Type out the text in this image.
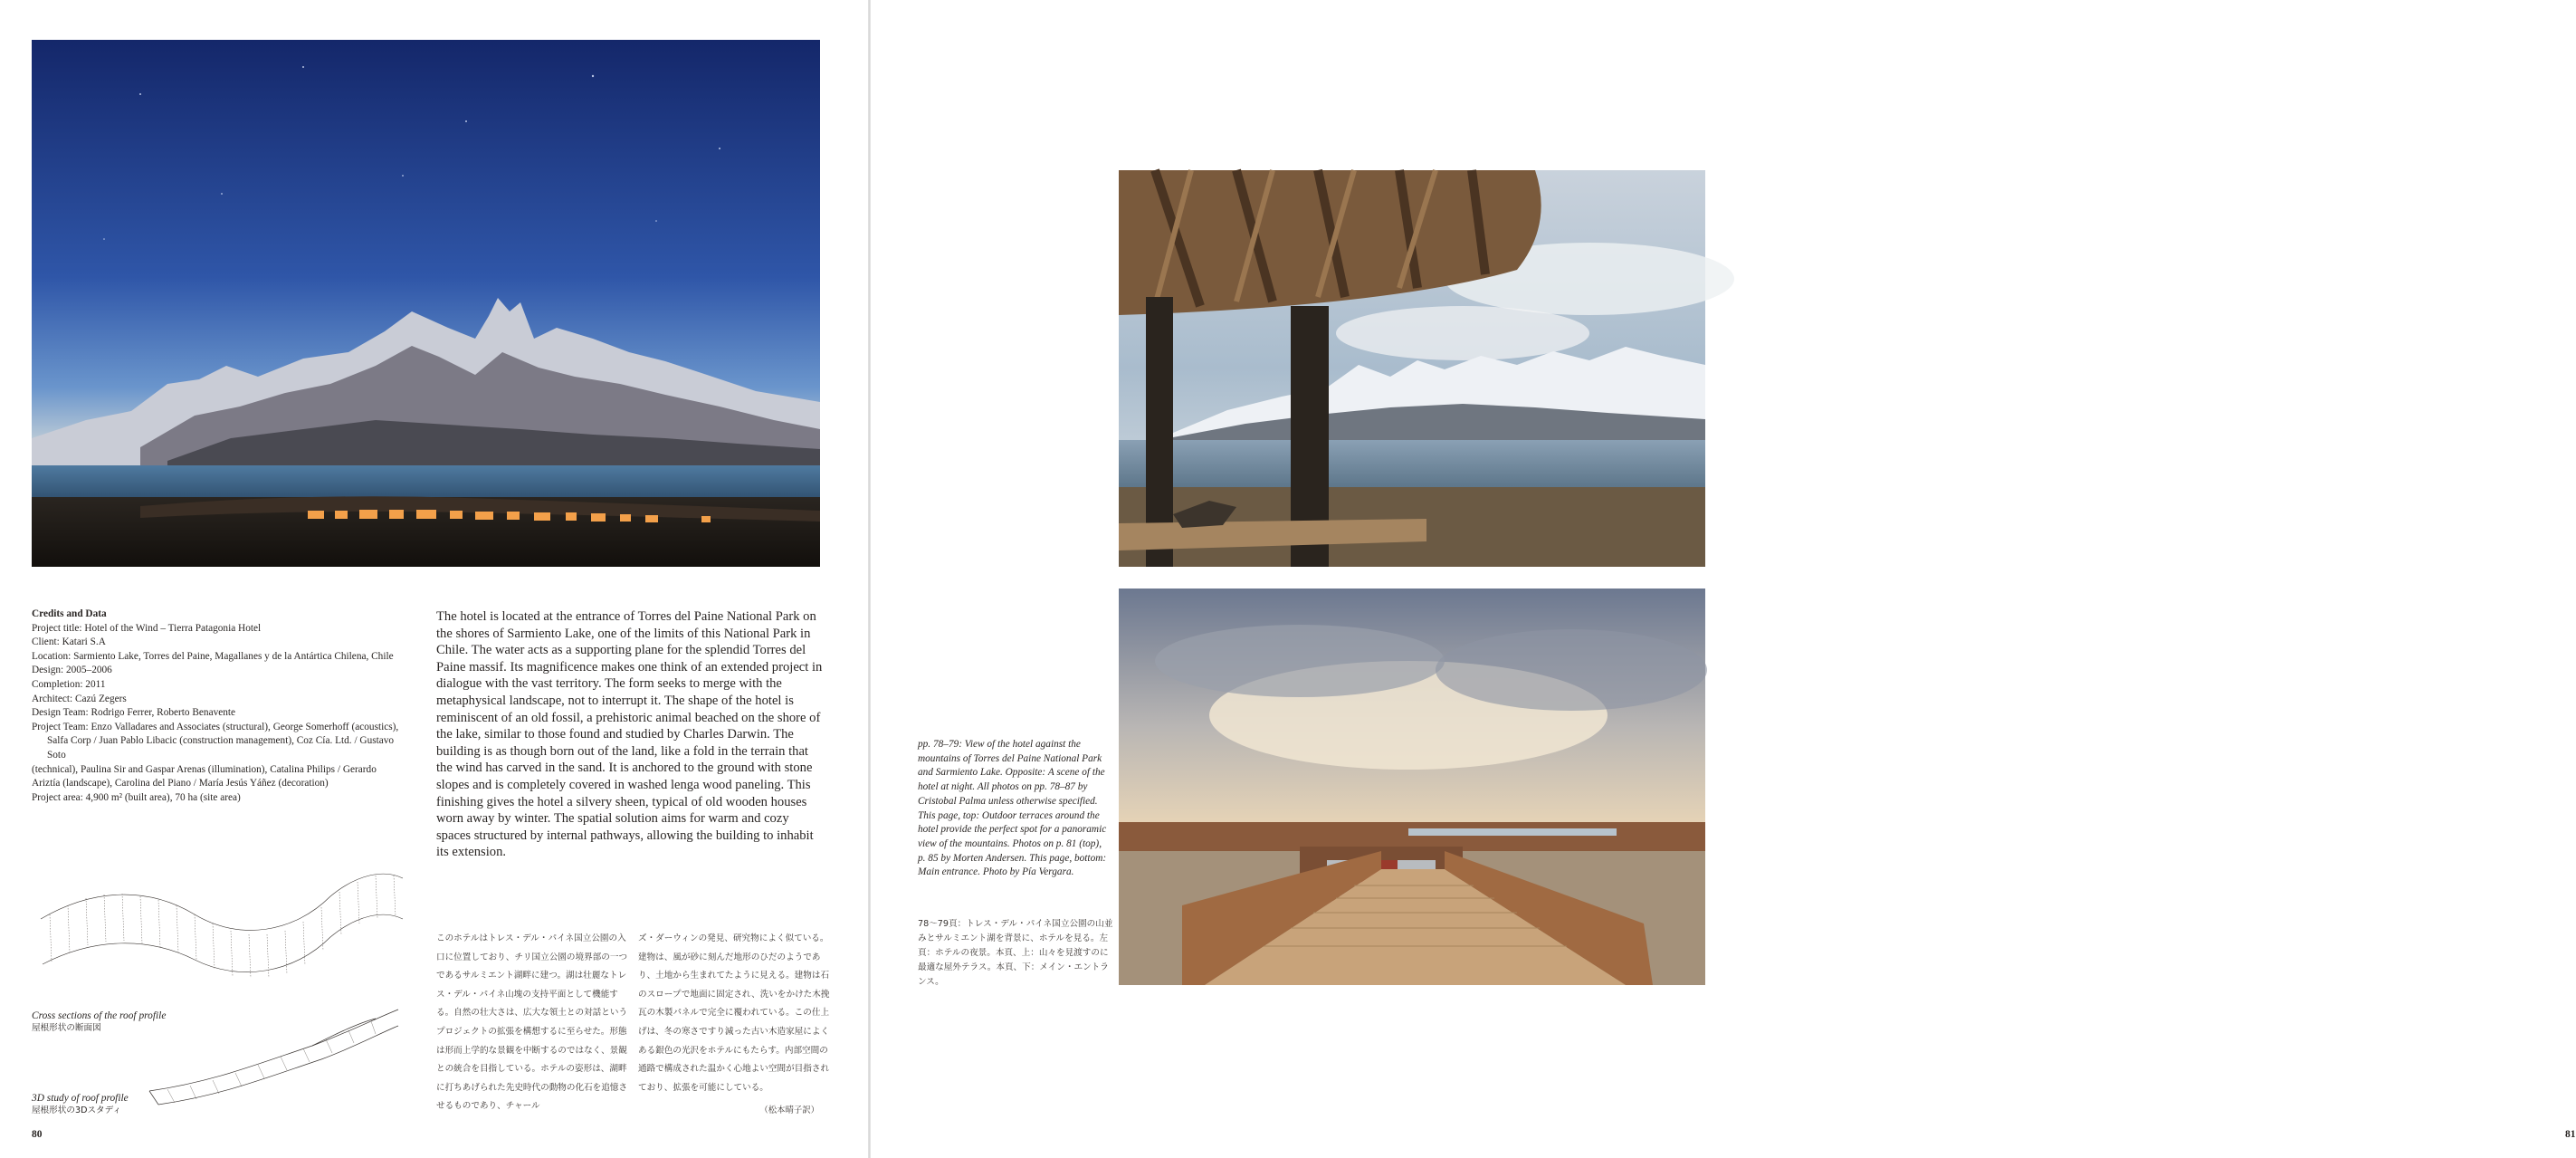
Credits and Data
Project title: Hotel of the Wind – Tierra Patagonia Hotel
Client: Katari S.A
Location: Sarmiento Lake, Torres del Paine, Magallanes y de la Antártica Chilena, Chile
Design: 2005–2006
Completion: 2011
Architect: Cazú Zegers
Design Team: Rodrigo Ferrer, Roberto Benavente
Project Team: Enzo Valladares and Associates (structural), George Somerhoff (acoustics), Salfa Corp / Juan Pablo Libacic (construction management), Coz Cía. Ltd. / Gustavo Soto
(technical), Paulina Sir and Gaspar Arenas (illumination), Catalina Philips / Gerardo Ariztía (landscape), Carolina del Piano / María Jesús Yáñez (decoration)
Project area: 4,900 m² (built area), 70 ha (site area)
The hotel is located at the entrance of Torres del Paine National Park on the shores of Sarmiento Lake, one of the limits of this National Park in Chile. The water acts as a supporting plane for the splendid Torres del Paine massif. Its magnificence makes one think of an extended project in dialogue with the vast territory. The form seeks to merge with the metaphysical landscape, not to interrupt it. The shape of the hotel is reminiscent of an old fossil, a prehistoric animal beached on the shore of the lake, similar to those found and studied by Charles Darwin. The building is as though born out of the land, like a fold in the terrain that the wind has carved in the sand. It is anchored to the ground with stone slopes and is completely covered in washed lenga wood paneling. This finishing gives the hotel a silvery sheen, typical of old wooden houses worn away by winter. The spatial solution aims for warm and cozy spaces structured by internal pathways, allowing the building to inhabit its extension.
Cross sections of the roof profile
屋根形状の断面図
3D study of roof profile
屋根形状の3Dスタディ
このホテルはトレス・デル・パイネ国立公園の入口に位置しており、チリ国立公園の境界部の一つであるサルミエント湖畔に建つ。湖は壮麗なトレス・デル・パイネ山塊の支持平面として機能する。自然の壮大さは、広大な領土との対話というプロジェクトの拡張を構想するに至らせた。形態は形而上学的な景観を中断するのではなく、景観との統合を目指している。ホテルの姿形は、湖畔に打ちあげられた先史時代の動物の化石を追憶させるものであり、チャール
ズ・ダーウィンの発見、研究物によく似ている。建物は、風が砂に刻んだ地形のひだのようであり、土地から生まれてたように見える。建物は石のスロープで地面に固定され、洗いをかけた木挽瓦の木製パネルで完全に覆われている。この仕上げは、冬の寒さですり減った古い木造家屋によくある銀色の光沢をホテルにもたらす。内部空間の通路で構成された温かく心地よい空間が目指されており、拡張を可能にしている。
（松本晴子訳）
80	81
pp. 78–79: View of the hotel against the mountains of Torres del Paine National Park and Sarmiento Lake. Opposite: A scene of the hotel at night. All photos on pp. 78–87 by Cristobal Palma unless otherwise specified. This page, top: Outdoor terraces around the hotel provide the perfect spot for a panoramic view of the mountains. Photos on p. 81 (top), p. 85 by Morten Andersen. This page, bottom: Main entrance. Photo by Pía Vergara.
78〜79頁：トレス・デル・パイネ国立公園の山並みとサルミエント湖を背景に、ホテルを見る。左頁：ホテルの夜景。本頁、上：山々を見渡すのに最適な屋外テラス。本頁、下：メイン・エントランス。
